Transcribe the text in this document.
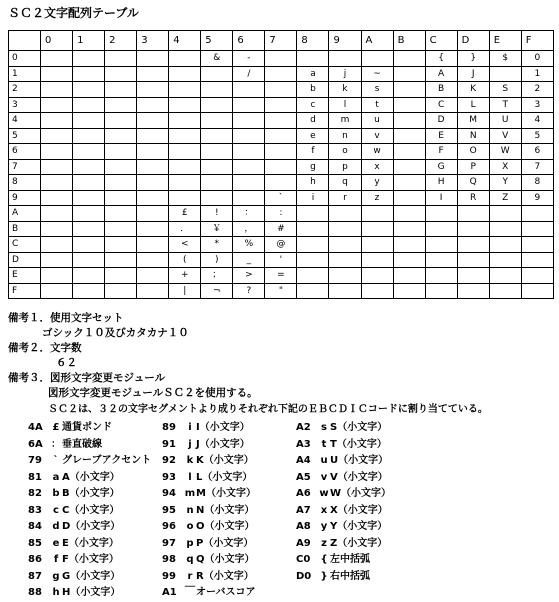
ＳＣ２文字配列テーブル
	0	1	2	3	4	5	6	7	8	9	A	B	C	D	E	F
0						&	-						{	}	$	0
1							/		a	j	~		A	J		1
2									b	k	s		B	K	S	2
3									c	l	t		C	L	T	3
4									d	m	u		D	M	U	4
5									e	n	v		E	N	V	5
6									f	o	w		F	O	W	6
7									g	p	x		G	P	X	7
8									h	q	y		H	Q	Y	8
9								`	i	r	z		I	R	Z	9
A					£	!	：	:								
B					．	￥	，	#								
C					<	*	%	@								
D					(	)	_	'								
E					+	；	>	=								
F					|	¬	?	"								
備考１．使用文字セット
ゴシック１０及びカタカナ１０
備考２．文字数
６２
備考３．図形文字変更モジュール
図形文字変更モジュールＳＣ２を使用する。
ＳＣ２は、３２の文字セグメントより成りそれぞれ下記のＥＢＣＤＩＣコードに割り当てている。
4A £ 通貨ポンド
6A ：垂直破線
79 ` グレーブアクセント
81 a A（小文字）
82 b B（小文字）
83 c C（小文字）
84 d D（小文字）
85 e E（小文字）
86 f F（小文字）
87 g G（小文字）
88 h H（小文字）
89 i I（小文字）
91 j J（小文字）
92 k K（小文字）
93 l L（小文字）
94 mM（小文字）
95 n N（小文字）
96 o O（小文字）
97 p P（小文字）
98 q Q（小文字）
99 r R（小文字）
A1 ￣オーバスコア
A2 s S（小文字）
A3 t T（小文字）
A4 u U（小文字）
A5 v V（小文字）
A6 wW（小文字）
A7 x X（小文字）
A8 y Y（小文字）
A9 z Z（小文字）
C0 { 左中括弧
D0 } 右中括弧
